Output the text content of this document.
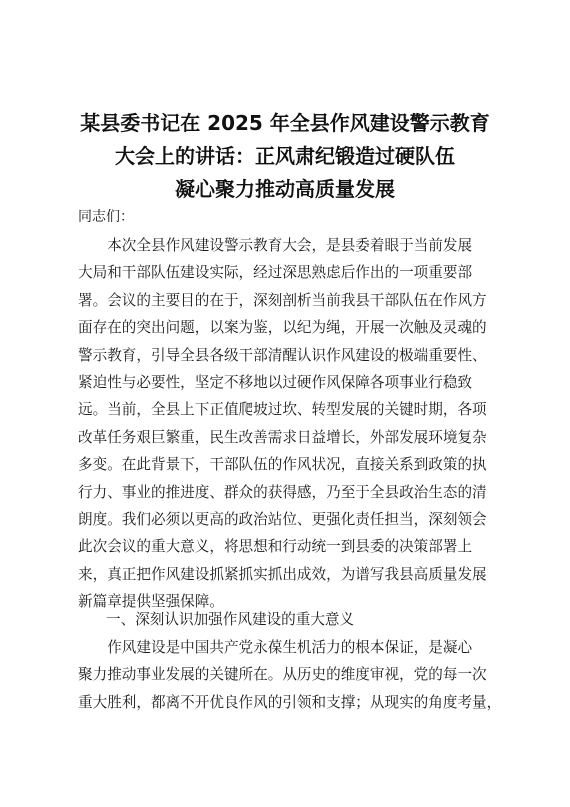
某县委书记在 2025 年全县作风建设警示教育
大会上的讲话：正风肃纪锻造过硬队伍
凝心聚力推动高质量发展
同志们：
　　本次全县作风建设警示教育大会，是县委着眼于当前发展
大局和干部队伍建设实际，经过深思熟虑后作出的一项重要部
署。会议的主要目的在于，深刻剖析当前我县干部队伍在作风方
面存在的突出问题，以案为鉴，以纪为绳，开展一次触及灵魂的
警示教育，引导全县各级干部清醒认识作风建设的极端重要性、
紧迫性与必要性，坚定不移地以过硬作风保障各项事业行稳致
远。当前，全县上下正值爬坡过坎、转型发展的关键时期，各项
改革任务艰巨繁重，民生改善需求日益增长，外部发展环境复杂
多变。在此背景下，干部队伍的作风状况，直接关系到政策的执
行力、事业的推进度、群众的获得感，乃至于全县政治生态的清
朗度。我们必须以更高的政治站位、更强化责任担当，深刻领会
此次会议的重大意义，将思想和行动统一到县委的决策部署上
来，真正把作风建设抓紧抓实抓出成效，为谱写我县高质量发展
新篇章提供坚强保障。
一、深刻认识加强作风建设的重大意义
　　作风建设是中国共产党永葆生机活力的根本保证，是凝心
聚力推动事业发展的关键所在。从历史的维度审视，党的每一次
重大胜利，都离不开优良作风的引领和支撑；从现实的角度考量，
